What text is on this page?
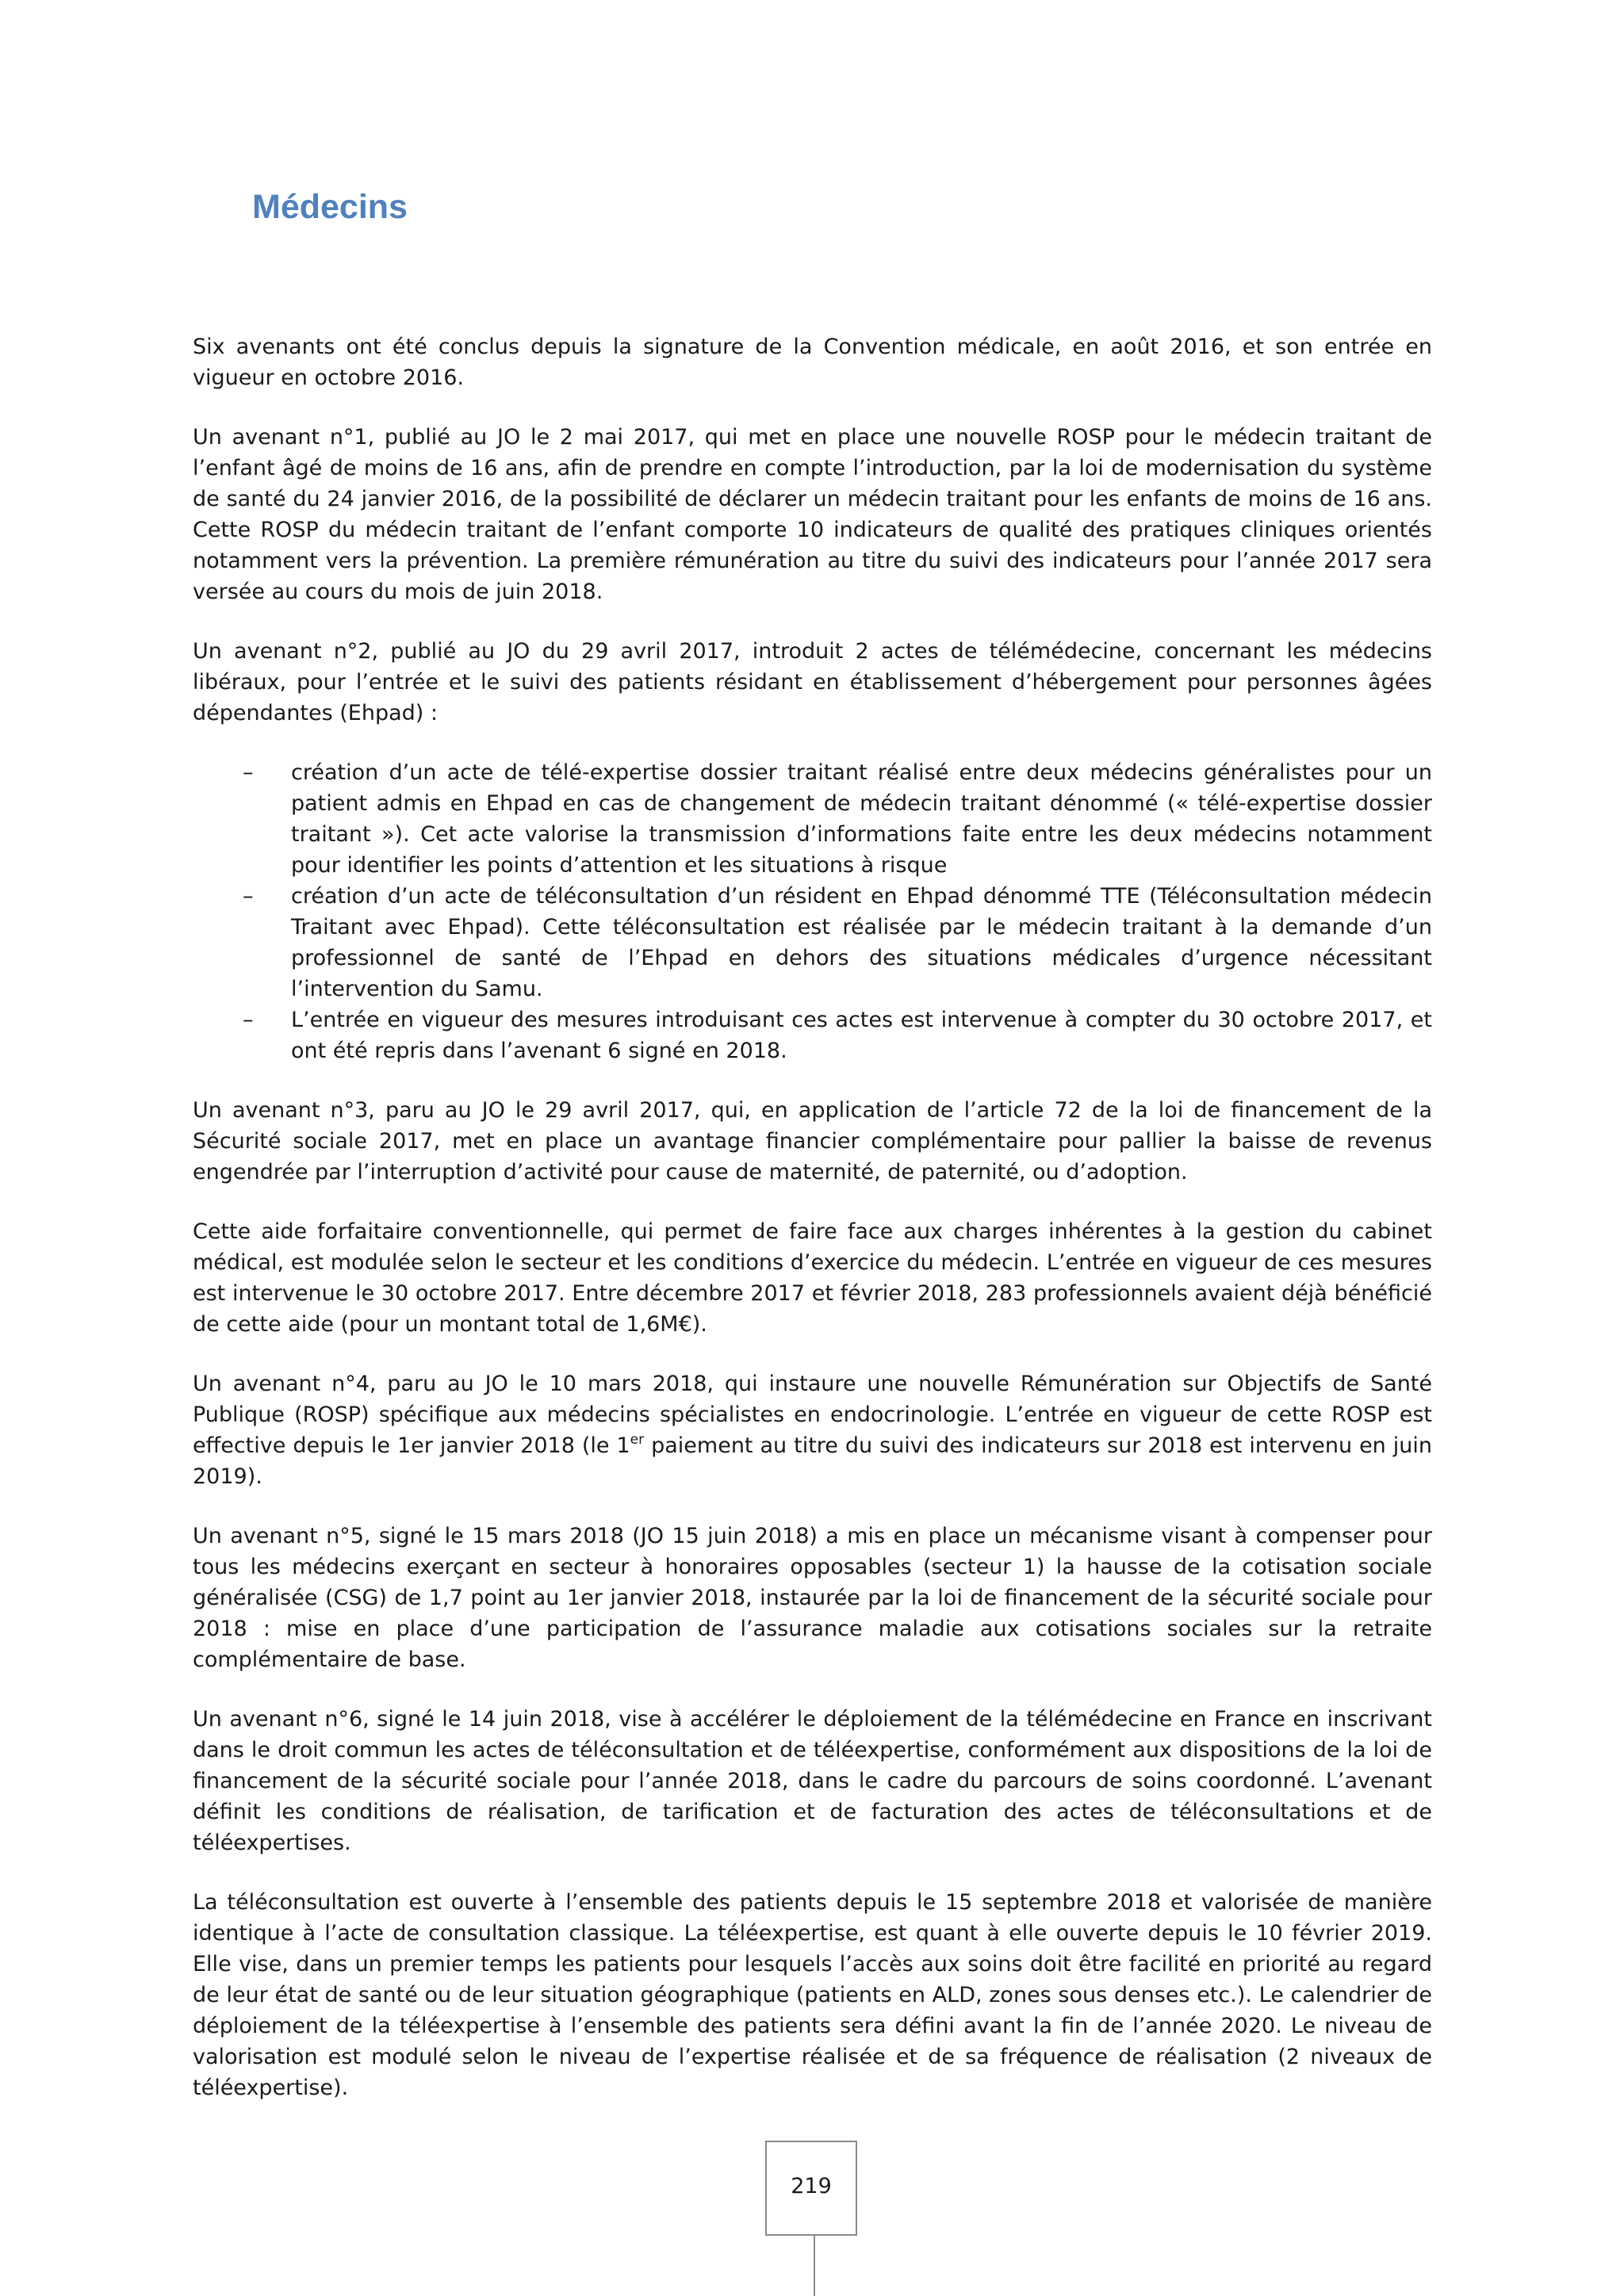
Médecins

Six avenants ont été conclus depuis la signature de la Convention médicale, en août 2016, et son entrée en vigueur en octobre 2016.

Un avenant n°1, publié au JO le 2 mai 2017, qui met en place une nouvelle ROSP pour le médecin traitant de l’enfant âgé de moins de 16 ans, afin de prendre en compte l’introduction, par la loi de modernisation du système de santé du 24 janvier 2016, de la possibilité de déclarer un médecin traitant pour les enfants de moins de 16 ans. Cette ROSP du médecin traitant de l’enfant comporte 10 indicateurs de qualité des pratiques cliniques orientés notamment vers la prévention. La première rémunération au titre du suivi des indicateurs pour l’année 2017 sera versée au cours du mois de juin 2018.

Un avenant n°2, publié au JO du 29 avril 2017, introduit 2 actes de télémédecine, concernant les médecins libéraux, pour l’entrée et le suivi des patients résidant en établissement d’hébergement pour personnes âgées dépendantes (Ehpad) :

– création d’un acte de télé-expertise dossier traitant réalisé entre deux médecins généralistes pour un patient admis en Ehpad en cas de changement de médecin traitant dénommé (« télé-expertise dossier traitant »). Cet acte valorise la transmission d’informations faite entre les deux médecins notamment pour identifier les points d’attention et les situations à risque
– création d’un acte de téléconsultation d’un résident en Ehpad dénommé TTE (Téléconsultation médecin Traitant avec Ehpad). Cette téléconsultation est réalisée par le médecin traitant à la demande d’un professionnel de santé de l’Ehpad en dehors des situations médicales d’urgence nécessitant l’intervention du Samu.
– L’entrée en vigueur des mesures introduisant ces actes est intervenue à compter du 30 octobre 2017, et ont été repris dans l’avenant 6 signé en 2018.

Un avenant n°3, paru au JO le 29 avril 2017, qui, en application de l’article 72 de la loi de financement de la Sécurité sociale 2017, met en place un avantage financier complémentaire pour pallier la baisse de revenus engendrée par l’interruption d’activité pour cause de maternité, de paternité, ou d’adoption.

Cette aide forfaitaire conventionnelle, qui permet de faire face aux charges inhérentes à la gestion du cabinet médical, est modulée selon le secteur et les conditions d’exercice du médecin. L’entrée en vigueur de ces mesures est intervenue le 30 octobre 2017. Entre décembre 2017 et février 2018, 283 professionnels avaient déjà bénéficié de cette aide (pour un montant total de 1,6M€).

Un avenant n°4, paru au JO le 10 mars 2018, qui instaure une nouvelle Rémunération sur Objectifs de Santé Publique (ROSP) spécifique aux médecins spécialistes en endocrinologie. L’entrée en vigueur de cette ROSP est effective depuis le 1er janvier 2018 (le 1er paiement au titre du suivi des indicateurs sur 2018 est intervenu en juin 2019).

Un avenant n°5, signé le 15 mars 2018 (JO 15 juin 2018) a mis en place un mécanisme visant à compenser pour tous les médecins exerçant en secteur à honoraires opposables (secteur 1) la hausse de la cotisation sociale généralisée (CSG) de 1,7 point au 1er janvier 2018, instaurée par la loi de financement de la sécurité sociale pour 2018 : mise en place d’une participation de l’assurance maladie aux cotisations sociales sur la retraite complémentaire de base.

Un avenant n°6, signé le 14 juin 2018, vise à accélérer le déploiement de la télémédecine en France en inscrivant dans le droit commun les actes de téléconsultation et de téléexpertise, conformément aux dispositions de la loi de financement de la sécurité sociale pour l’année 2018, dans le cadre du parcours de soins coordonné. L’avenant définit les conditions de réalisation, de tarification et de facturation des actes de téléconsultations et de téléexpertises.

La téléconsultation est ouverte à l’ensemble des patients depuis le 15 septembre 2018 et valorisée de manière identique à l’acte de consultation classique. La téléexpertise, est quant à elle ouverte depuis le 10 février 2019. Elle vise, dans un premier temps les patients pour lesquels l’accès aux soins doit être facilité en priorité au regard de leur état de santé ou de leur situation géographique (patients en ALD, zones sous denses etc.). Le calendrier de déploiement de la téléexpertise à l’ensemble des patients sera défini avant la fin de l’année 2020. Le niveau de valorisation est modulé selon le niveau de l’expertise réalisée et de sa fréquence de réalisation (2 niveaux de téléexpertise).

219
